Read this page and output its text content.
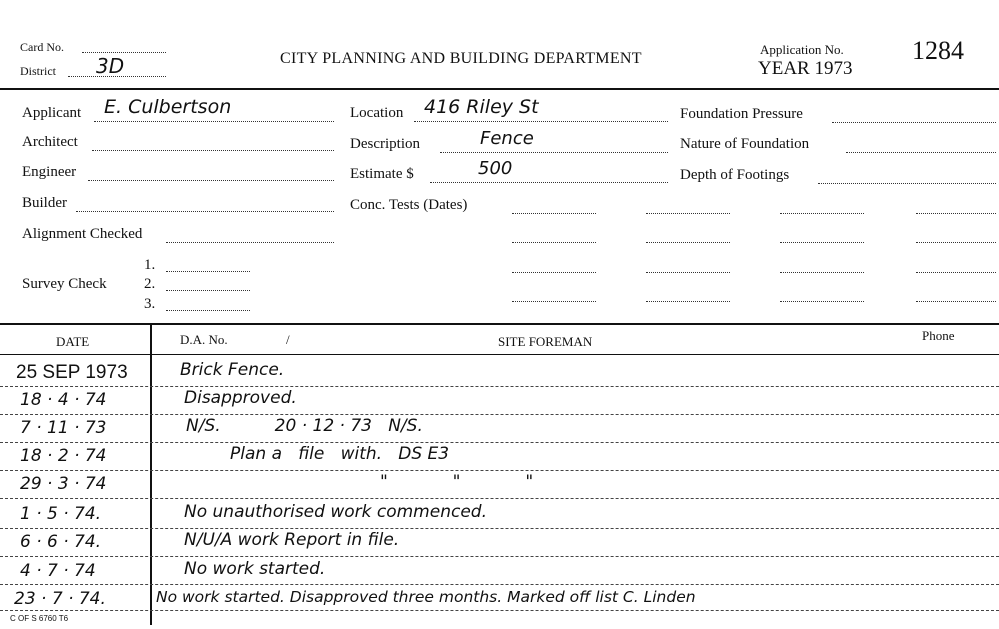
Card No.
District 3D	CITY PLANNING AND BUILDING DEPARTMENT
Application No.
YEAR 1973
1284
Applicant E. Culbertson
Architect
Engineer
Builder
Alignment Checked
Survey Check
1.
2.
3.
Location 416 Riley St
Description	Fence
Estimate $	500
Conc. Tests (Dates)
Foundation Pressure
Nature of Foundation
Depth of Footings
DATE	D.A. No.	/	SITE FOREMAN	Phone
25 SEP 1973	Brick Fence.
18 · 4 · 74	Disapproved.
7 · 11 · 73	N/S.          20 · 12 · 73   N/S.
18 · 2 · 74	Plan a   file   with.   DS E3
29 · 3 · 74	"            "            "
1 · 5 · 74.	No unauthorised work commenced.
6 · 6 · 74.	N/U/A work Report in file.
4 · 7 · 74	No work started.
23 · 7 · 74.	No work started. Disapproved three months. Marked off list C. Linden
C OF S 6760 T6
